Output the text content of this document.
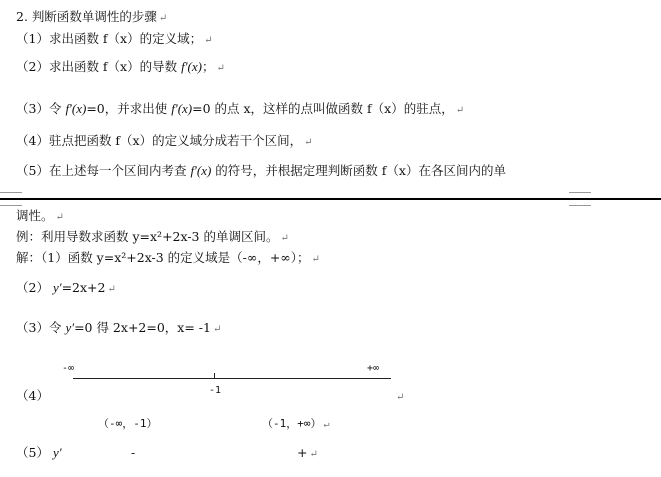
2. 判断函数单调性的步骤 ↵
（1）求出函数 f（x）的定义域； ↵
（2）求出函数 f（x）的导数 f′(x)； ↵
（3）令 f′(x)=0，并求出使 f′(x)=0 的点 x，这样的点叫做函数 f（x）的驻点， ↵
（4）驻点把函数 f（x）的定义域分成若干个区间， ↵
（5）在上述每一个区间内考查 f′(x) 的符号，并根据定理判断函数 f（x）在各区间内的单
调性。 ↵
例：利用导数求函数 y=x²+2x-3 的单调区间。 ↵
解：（1）函数 y=x²+2x-3 的定义域是（-∞，+∞）； ↵
（2） y′=2x+2 ↵
（3）令 y′=0 得 2x+2=0，x= -1 ↵
-∞	+∞
-1
（4）	↵
（-∞，-1）	（-1，+∞） ↵
（5） y′	-	+ ↵
